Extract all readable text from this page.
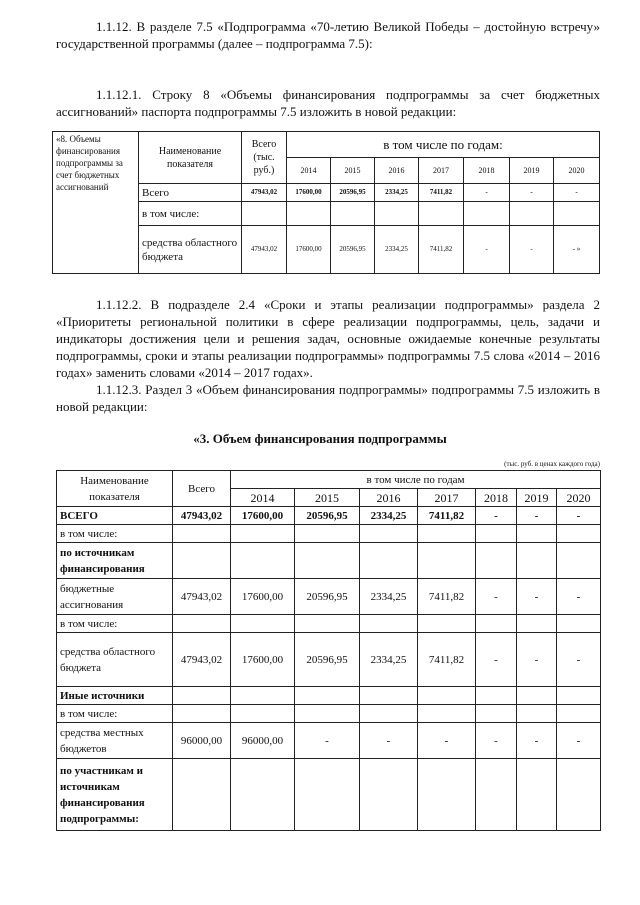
1.1.12. В разделе 7.5 «Подпрограмма «70-летию Великой Победы – достойную встречу» государственной программы (далее – подпрограмма 7.5):
1.1.12.1. Строку 8 «Объемы финансирования подпрограммы за счет бюджетных ассигнований» паспорта подпрограммы 7.5 изложить в новой редакции:
«8. Объемы финансирования подпрограммы за счет бюджетных ассигнований	Наименование показателя	Всего (тыс. руб.)	в том числе по годам:						
			2014	2015	2016	2017	2018	2019	2020
	Всего	47943,02	17600,00	20596,95	2334,25	7411,82	-	-	-
	в том числе:								
	средства областного бюджета	47943,02	17600,00	20596,95	2334,25	7411,82	-	-	- »
1.1.12.2. В подразделе 2.4 «Сроки и этапы реализации подпрограммы» раздела 2 «Приоритеты региональной политики в сфере реализации подпрограммы, цель, задачи и индикаторы достижения цели и решения задач, основные ожидаемые конечные результаты подпрограммы, сроки и этапы реализации подпрограммы» подпрограммы 7.5 слова «2014 – 2016 годах» заменить словами «2014 – 2017 годах».
1.1.12.3. Раздел 3 «Объем финансирования подпрограммы» подпрограммы 7.5 изложить в новой редакции:
«3. Объем финансирования подпрограммы
(тыс. руб. в ценах каждого года)
Наименование показателя	Всего	в том числе по годам						
		2014	2015	2016	2017	2018	2019	2020
ВСЕГО	47943,02	17600,00	20596,95	2334,25	7411,82	-	-	-
в том числе:								
по источникам финансирования								
бюджетные ассигнования	47943,02	17600,00	20596,95	2334,25	7411,82	-	-	-
в том числе:								
средства областного бюджета	47943,02	17600,00	20596,95	2334,25	7411,82	-	-	-
Иные источники								
в том числе:								
средства местных бюджетов	96000,00	96000,00	-	-	-	-	-	-
по участникам и источникам финансирования подпрограммы:								
